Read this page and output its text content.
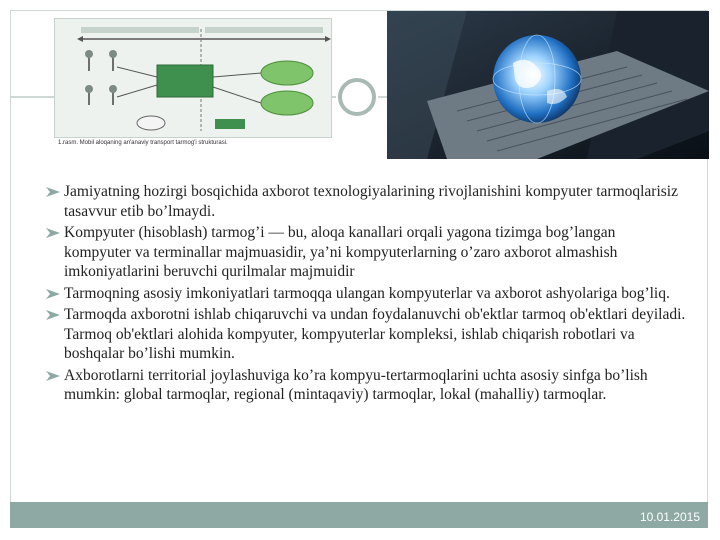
1.rasm. Mobil aloqaning an'anaviy transport tarmog'i strukturasi.
Jamiyatning hozirgi bosqichida axborot texnologiyalarining rivojlanishini kompyuter tarmoqlarisiz tasavvur etib bo’lmaydi.
Kompyuter (hisoblash) tarmog’i — bu, aloqa kanallari orqali yagona tizimga bog’langan kompyuter va terminallar majmuasidir, ya’ni kompyuterlarning o’zaro axborot almashish imkoniyatlarini beruvchi qurilmalar majmuidir
Tarmoqning asosiy imkoniyatlari tarmoqqa ulangan kompyuterlar va axborot ashyolariga bog’liq.
Tarmoqda axborotni ishlab chiqaruvchi va undan foydalanuvchi ob'ektlar tarmoq ob'ektlari deyiladi. Tarmoq ob'ektlari alohida kompyuter, kompyuterlar kompleksi, ishlab chiqarish robotlari va boshqalar bo’lishi mumkin.
Axborotlarni territorial joylashuviga ko’ra kompyu-tertarmoqlarini uchta asosiy sinfga bo’lish mumkin: global tarmoqlar, regional (mintaqaviy) tarmoqlar, lokal (mahalliy) tarmoqlar.
10.01.2015
